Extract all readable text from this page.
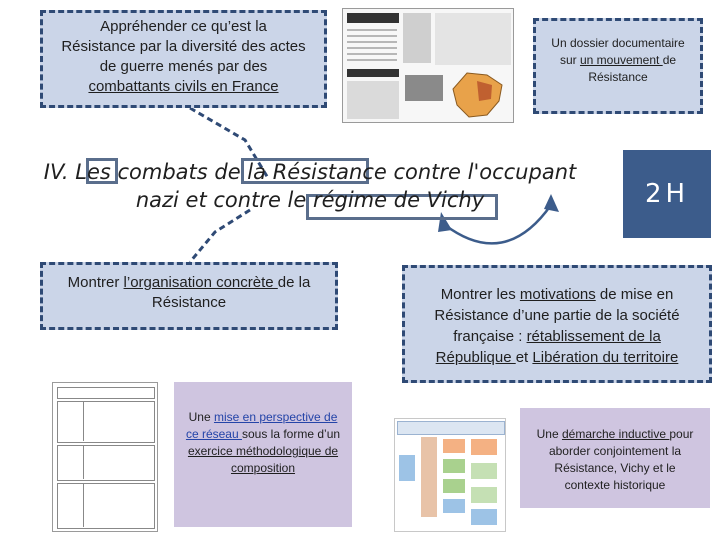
Appréhender ce qu’est la
Résistance par la diversité des actes
de guerre menés par des
combattants civils en France
Un dossier documentaire
sur un mouvement de
Résistance
IV. Les combats de la Résistance contre l'occupant
nazi et contre le régime de Vichy	2H
Montrer l’organisation concrète de la
Résistance	Montrer les motivations de mise en
Résistance d’une partie de la société
française : rétablissement de la
République et Libération du territoire
Une mise en perspective de
ce réseau sous la forme d’un
exercice méthodologique de
composition
Une démarche inductive pour
aborder conjointement la
Résistance, Vichy et le
contexte historique
